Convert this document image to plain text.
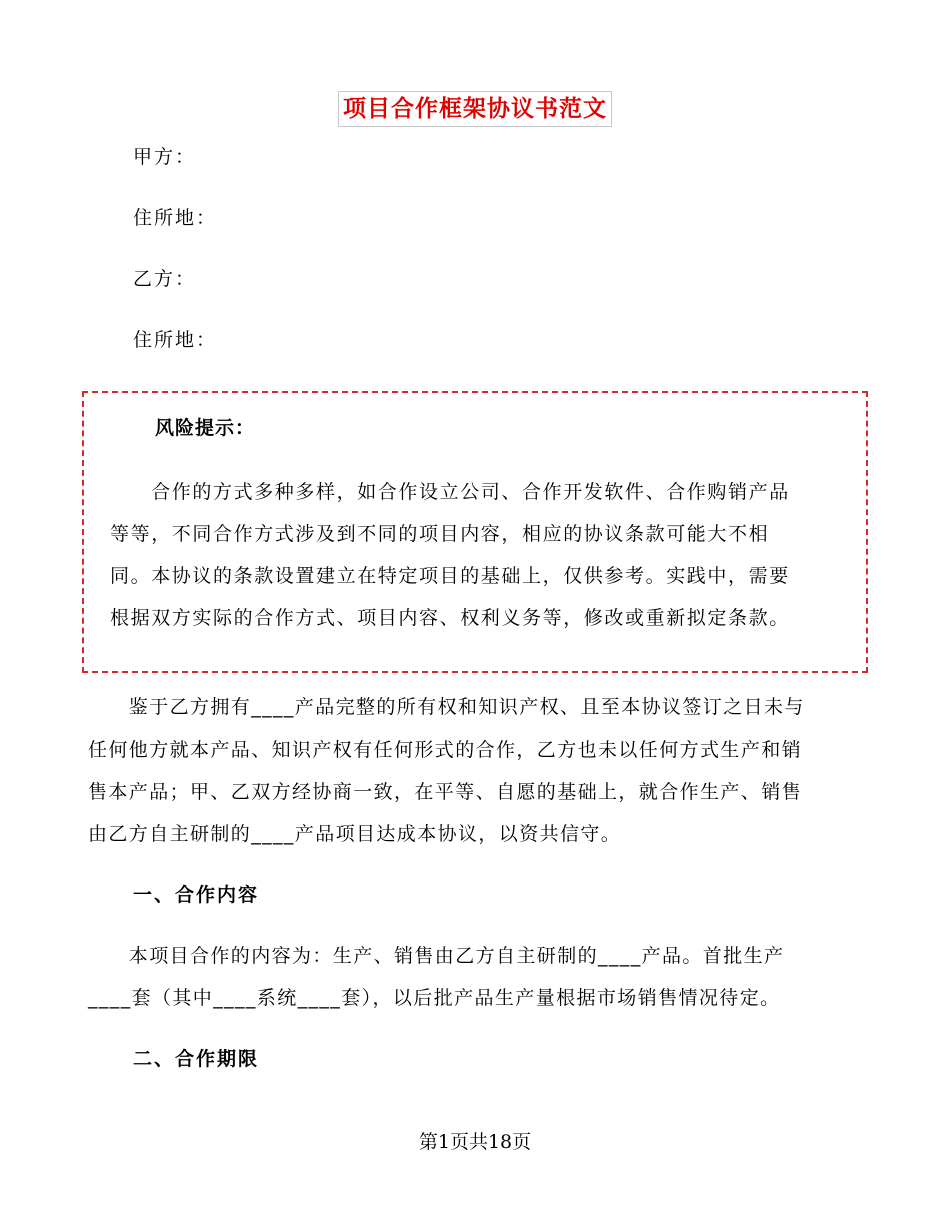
项目合作框架协议书范文
甲方：
住所地：
乙方：
住所地：
风险提示：
　　合作的方式多种多样，如合作设立公司、合作开发软件、合作购销产品
等等，不同合作方式涉及到不同的项目内容，相应的协议条款可能大不相
同。本协议的条款设置建立在特定项目的基础上，仅供参考。实践中，需要
根据双方实际的合作方式、项目内容、权利义务等，修改或重新拟定条款。
　　鉴于乙方拥有____产品完整的所有权和知识产权、且至本协议签订之日未与
任何他方就本产品、知识产权有任何形式的合作，乙方也未以任何方式生产和销
售本产品；甲、乙双方经协商一致，在平等、自愿的基础上，就合作生产、销售
由乙方自主研制的____产品项目达成本协议，以资共信守。
一、合作内容
　　本项目合作的内容为：生产、销售由乙方自主研制的____产品。首批生产
____套（其中____系统____套），以后批产品生产量根据市场销售情况待定。
二、合作期限
第1页共18页
